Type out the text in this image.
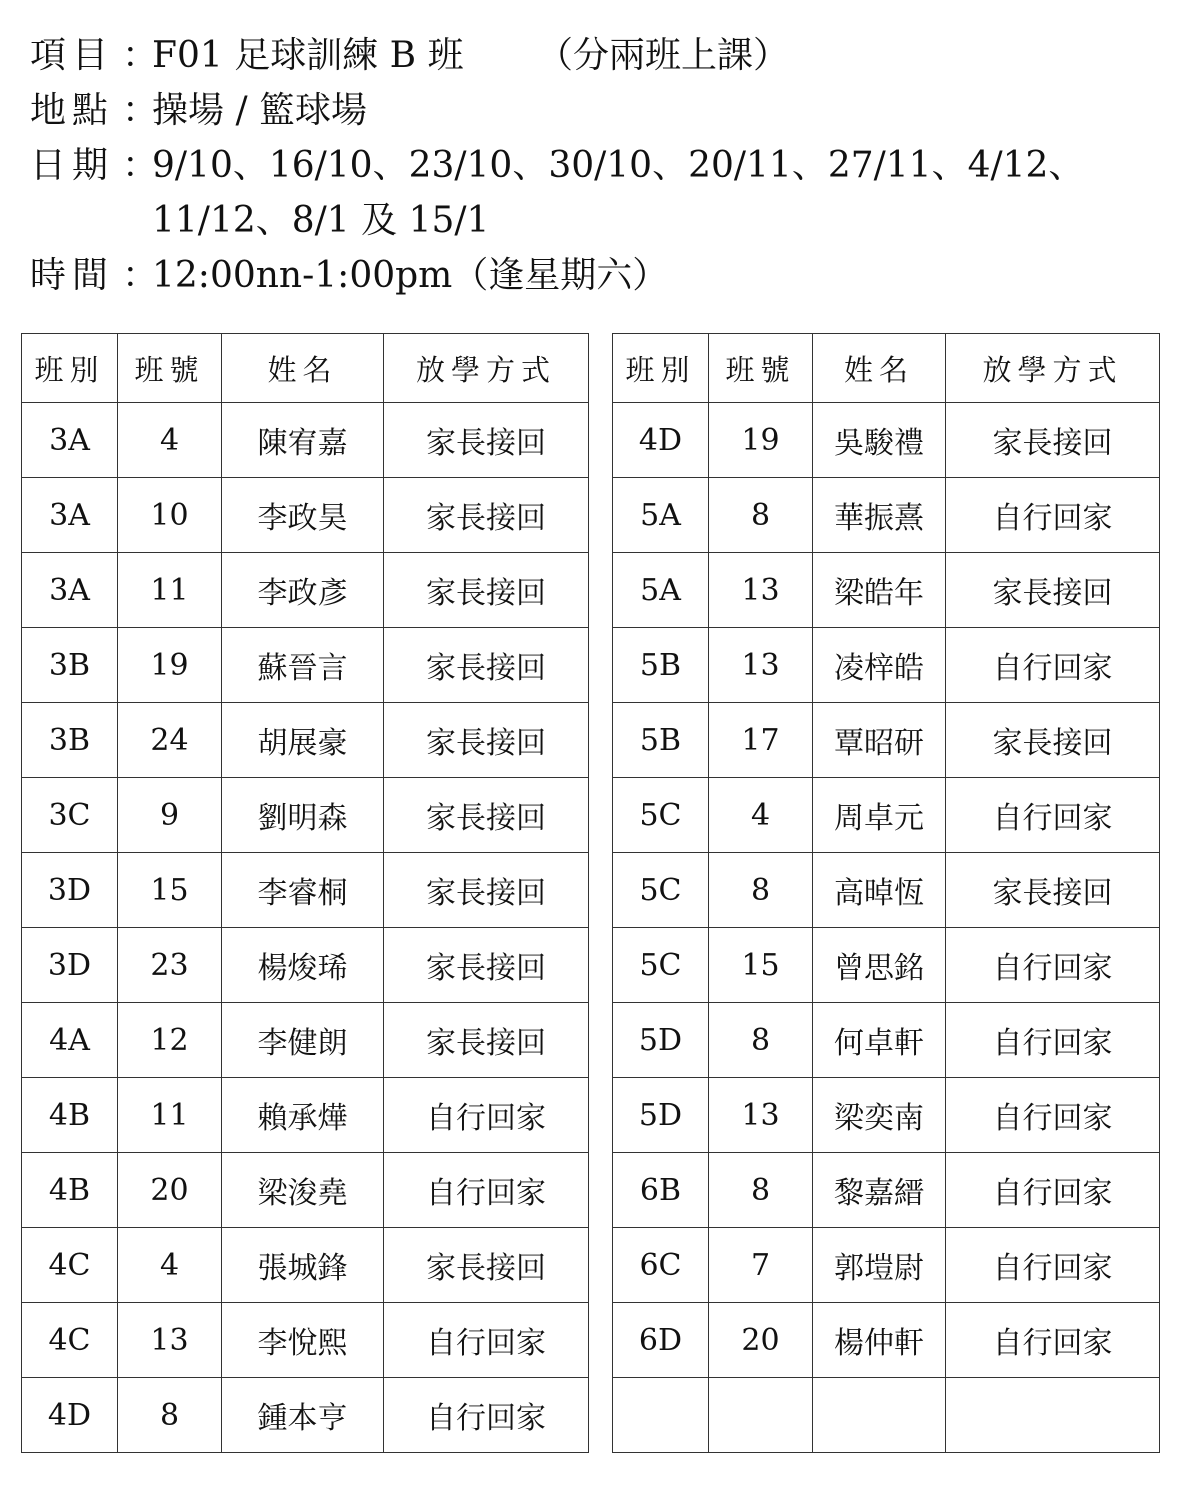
項目 ：
F01 足球訓練 B 班 （分兩班上課）
地點 ：
操場 / 籃球場
日期 ：
9/10、16/10、23/10、30/10、20/11、27/11、4/12、
11/12、8/1 及 15/1
時間 ：
12:00nn-1:00pm（逢星期六）
班別	班號	姓名	放學方式
3A	4	陳宥嘉	家長接回
3A	10	李政昊	家長接回
3A	11	李政彥	家長接回
3B	19	蘇晉言	家長接回
3B	24	胡展豪	家長接回
3C	9	劉明森	家長接回
3D	15	李睿桐	家長接回
3D	23	楊焌琋	家長接回
4A	12	李健朗	家長接回
4B	11	賴承燁	自行回家
4B	20	梁浚堯	自行回家
4C	4	張城鋒	家長接回
4C	13	李悅熙	自行回家
4D	8	鍾本亨	自行回家
班別	班號	姓名	放學方式
4D	19	吳駿禮	家長接回
5A	8	華振熹	自行回家
5A	13	梁皓年	家長接回
5B	13	凌梓皓	自行回家
5B	17	覃昭研	家長接回
5C	4	周卓元	自行回家
5C	8	高晫恆	家長接回
5C	15	曾思銘	自行回家
5D	8	何卓軒	自行回家
5D	13	梁奕南	自行回家
6B	8	黎嘉縉	自行回家
6C	7	郭塏尉	自行回家
6D	20	楊仲軒	自行回家
